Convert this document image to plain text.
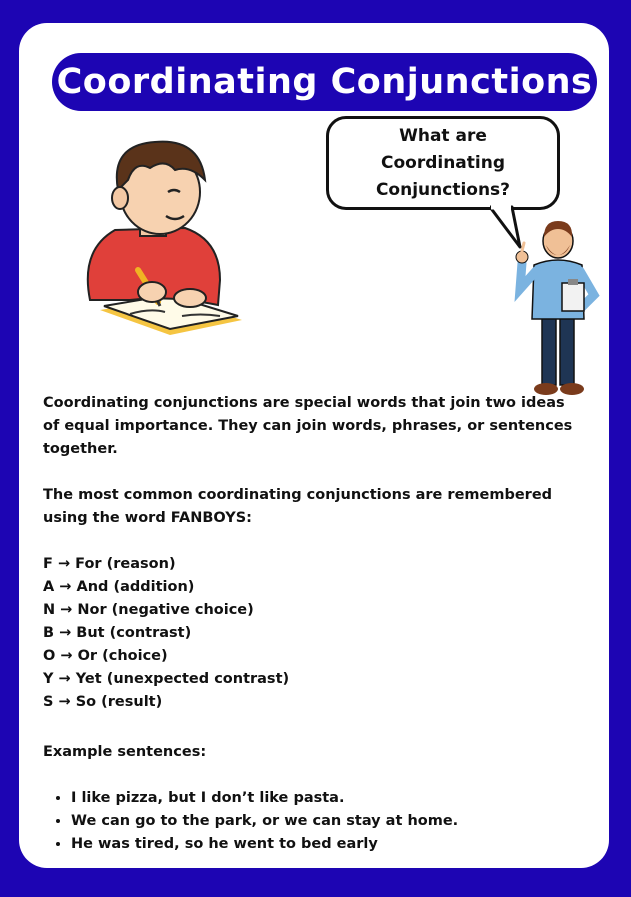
Coordinating Conjunctions
What are Coordinating Conjunctions?

Coordinating conjunctions are special words that join two ideas of equal importance. They can join words, phrases, or sentences together.

The most common coordinating conjunctions are remembered using the word FANBOYS:

F → For (reason)
A → And (addition)
N → Nor (negative choice)
B → But (contrast)
O → Or (choice)
Y → Yet (unexpected contrast)
S → So (result)

Example sentences:

• I like pizza, but I don’t like pasta.
• We can go to the park, or we can stay at home.
• He was tired, so he went to bed early
